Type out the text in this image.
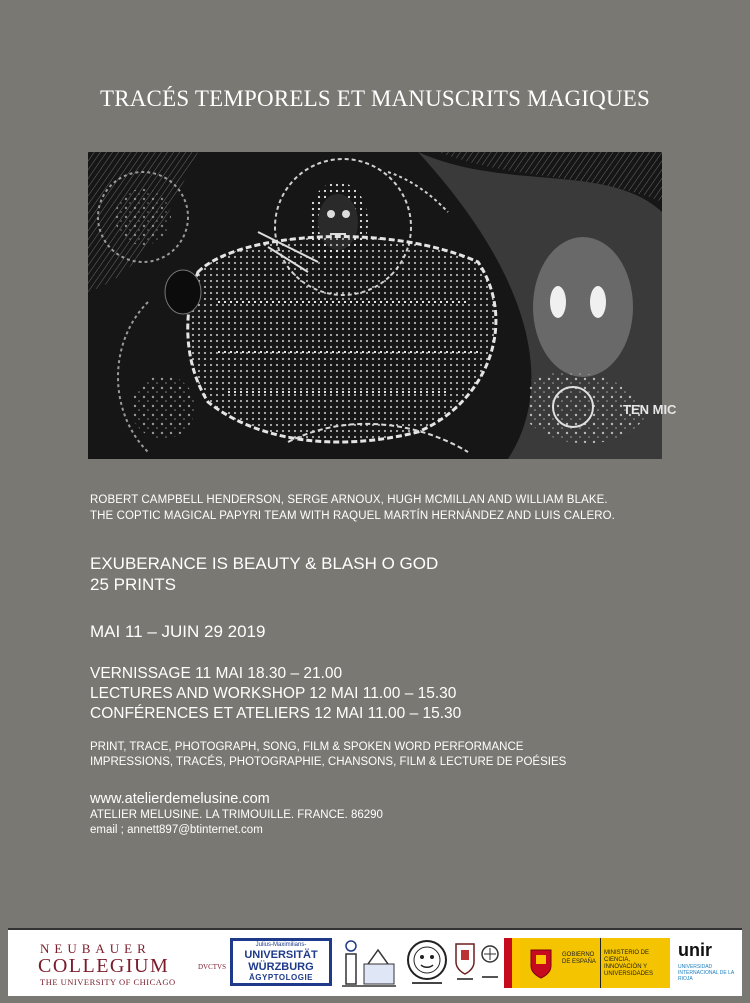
TRACÉS TEMPORELS ET MANUSCRITS MAGIQUES
TEN MIC
ROBERT CAMPBELL HENDERSON, SERGE ARNOUX, HUGH MCMILLAN AND WILLIAM BLAKE.
THE COPTIC MAGICAL PAPYRI TEAM WITH RAQUEL MARTÍN HERNÁNDEZ AND LUIS CALERO.
EXUBERANCE IS BEAUTY & BLASH O GOD
25 PRINTS
MAI 11 – JUIN 29 2019
VERNISSAGE 11 MAI 18.30 – 21.00
LECTURES AND WORKSHOP 12 MAI 11.00 – 15.30
CONFÉRENCES ET ATELIERS 12 MAI 11.00 – 15.30
PRINT, TRACE, PHOTOGRAPH, SONG, FILM & SPOKEN WORD PERFORMANCE
IMPRESSIONS, TRACÉS, PHOTOGRAPHIE, CHANSONS, FILM & LECTURE DE POÉSIES
www.atelierdemelusine.com
ATELIER MELUSINE. LA TRIMOUILLE. FRANCE. 86290
email ; annett897@btinternet.com
NEUBAUER
COLLEGIUM	DVCTVS
THE UNIVERSITY OF CHICAGO
Julius-Maximilians-
UNIVERSITÄT
WÜRZBURG
ÄGYPTOLOGIE
GOBIERNO DE ESPAÑA
MINISTERIO DE CIENCIA, INNOVACIÓN Y UNIVERSIDADES
unir
UNIVERSIDAD INTERNACIONAL DE LA RIOJA
